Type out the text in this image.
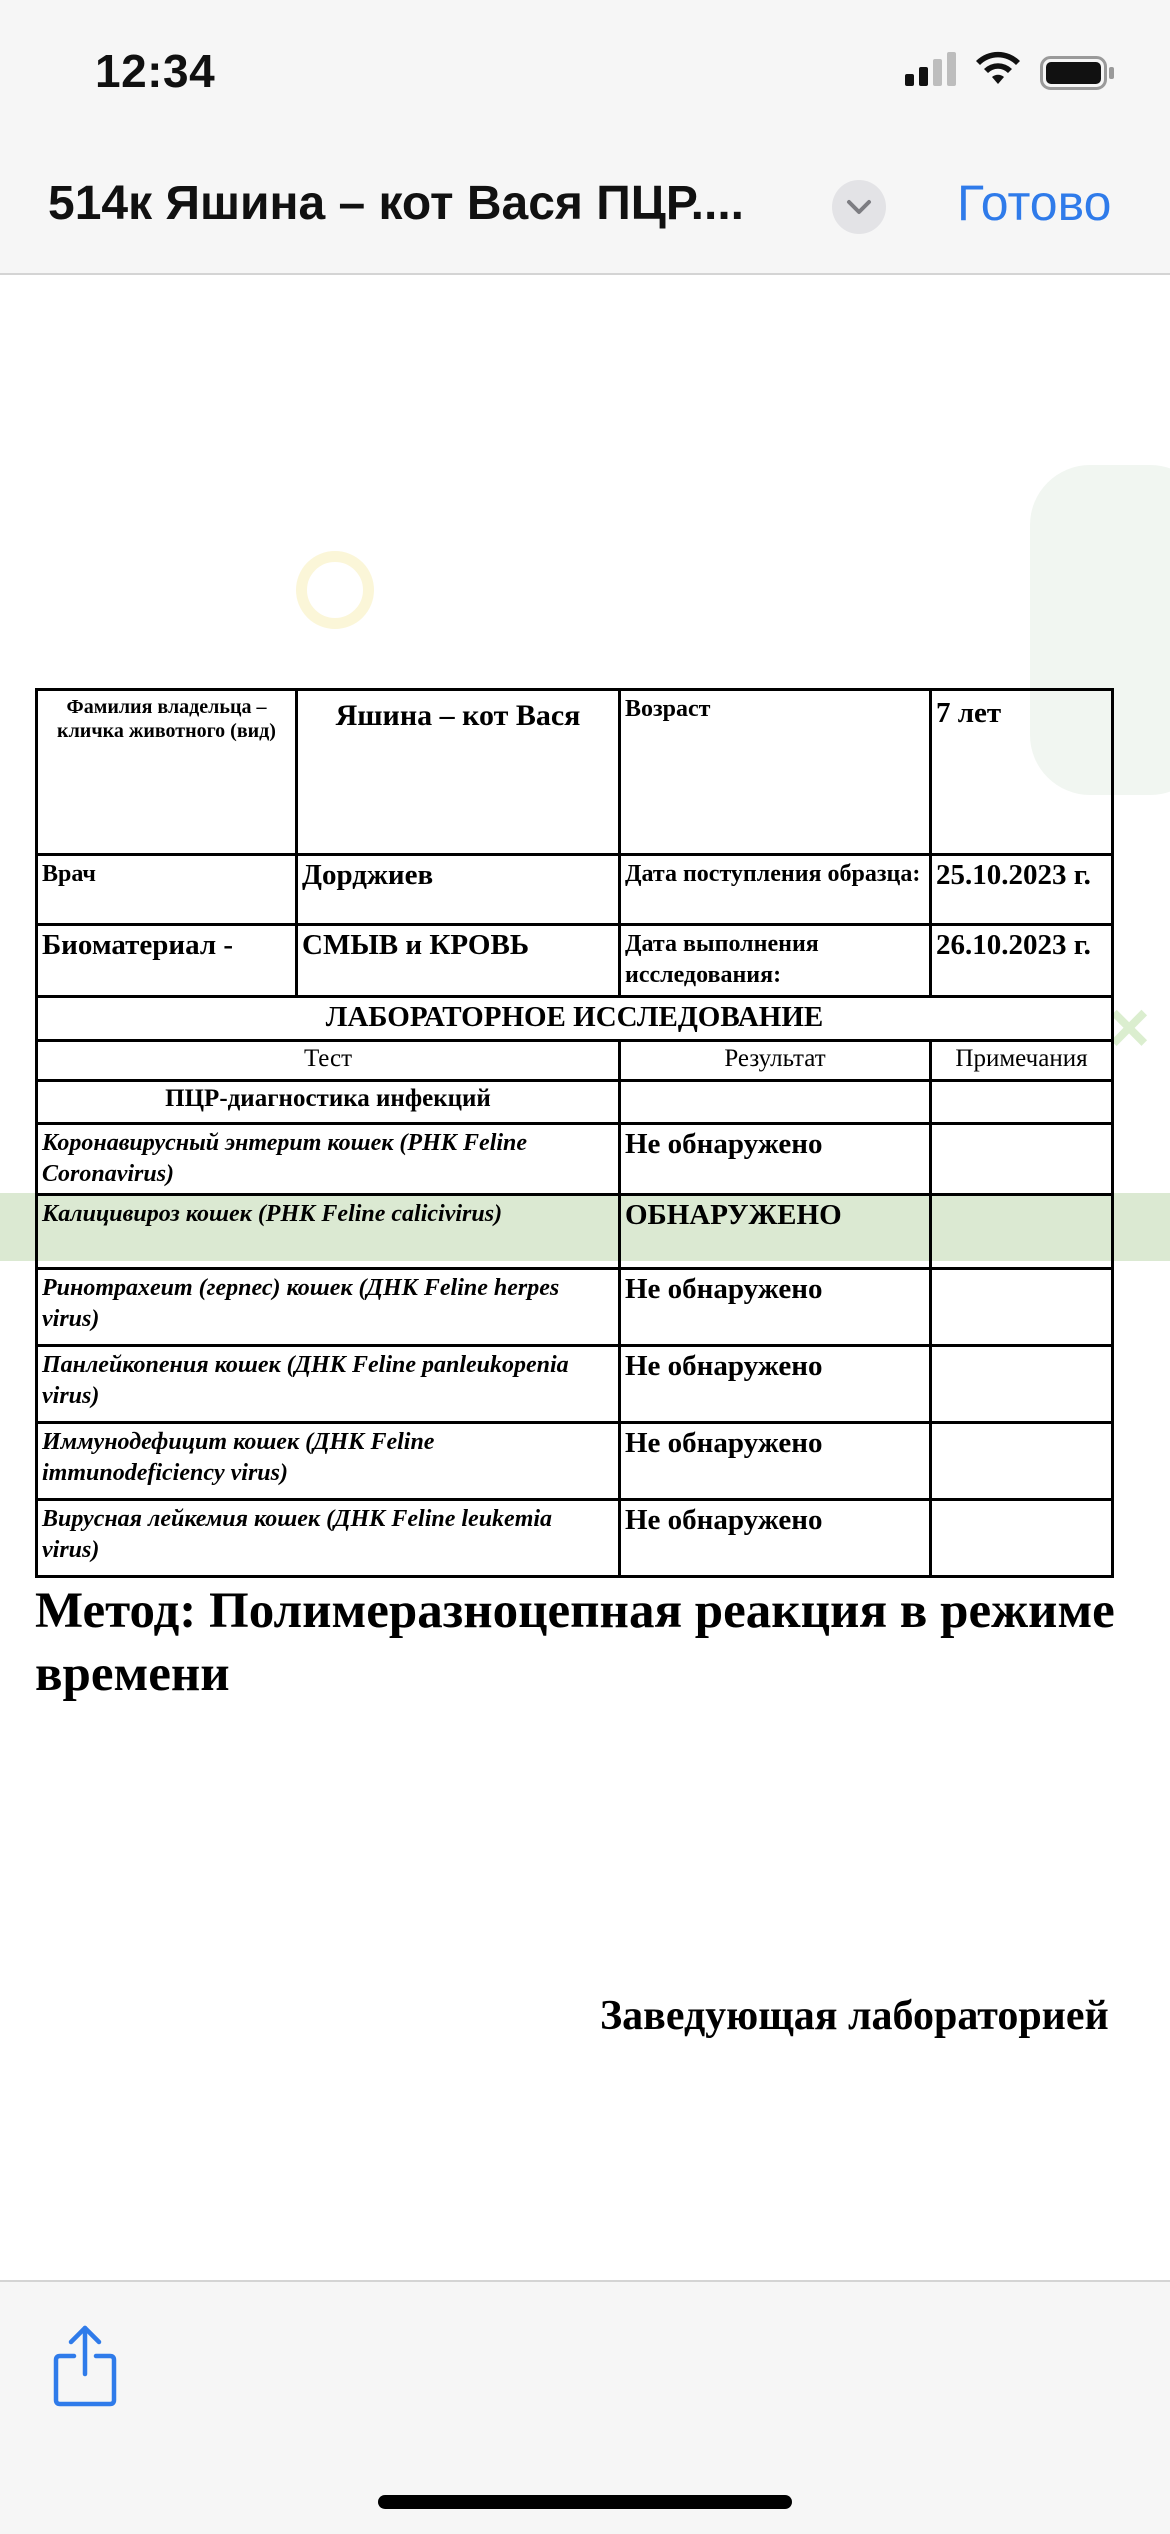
12:34
514к Яшина – кот Вася ПЦР....	Готово
×
Фамилия владельца – кличка животного (вид)	Яшина – кот Вася	Возраст	7 лет
Врач	Дорджиев	Дата поступления образца:	25.10.2023 г.
Биоматериал -	СМЫВ и КРОВЬ	Дата выполнения исследования:	26.10.2023 г.
ЛАБОРАТОРНОЕ ИССЛЕДОВАНИЕ			
Тест		Результат	Примечания
ПЦР-диагностика инфекций			
Коронавирусный энтерит кошек (РНК Feline Coronavirus)		Не обнаружено	
Калицивироз кошек (РНК Feline calicivirus)		ОБНАРУЖЕНО	
Ринотрахеит (герпес) кошек (ДНК Feline herpes virus)		Не обнаружено	
Панлейкопения кошек (ДНК Feline panleukopenia virus)		Не обнаружено	
Иммунодефицит кошек (ДНК Feline immunodeficiency virus)		Не обнаружено	
Вирусная лейкемия кошек (ДНК Feline leukemia virus)		Не обнаружено	
Метод: Полимеразноцепная реакция в режиме
времени
Заведующая лабораторией
